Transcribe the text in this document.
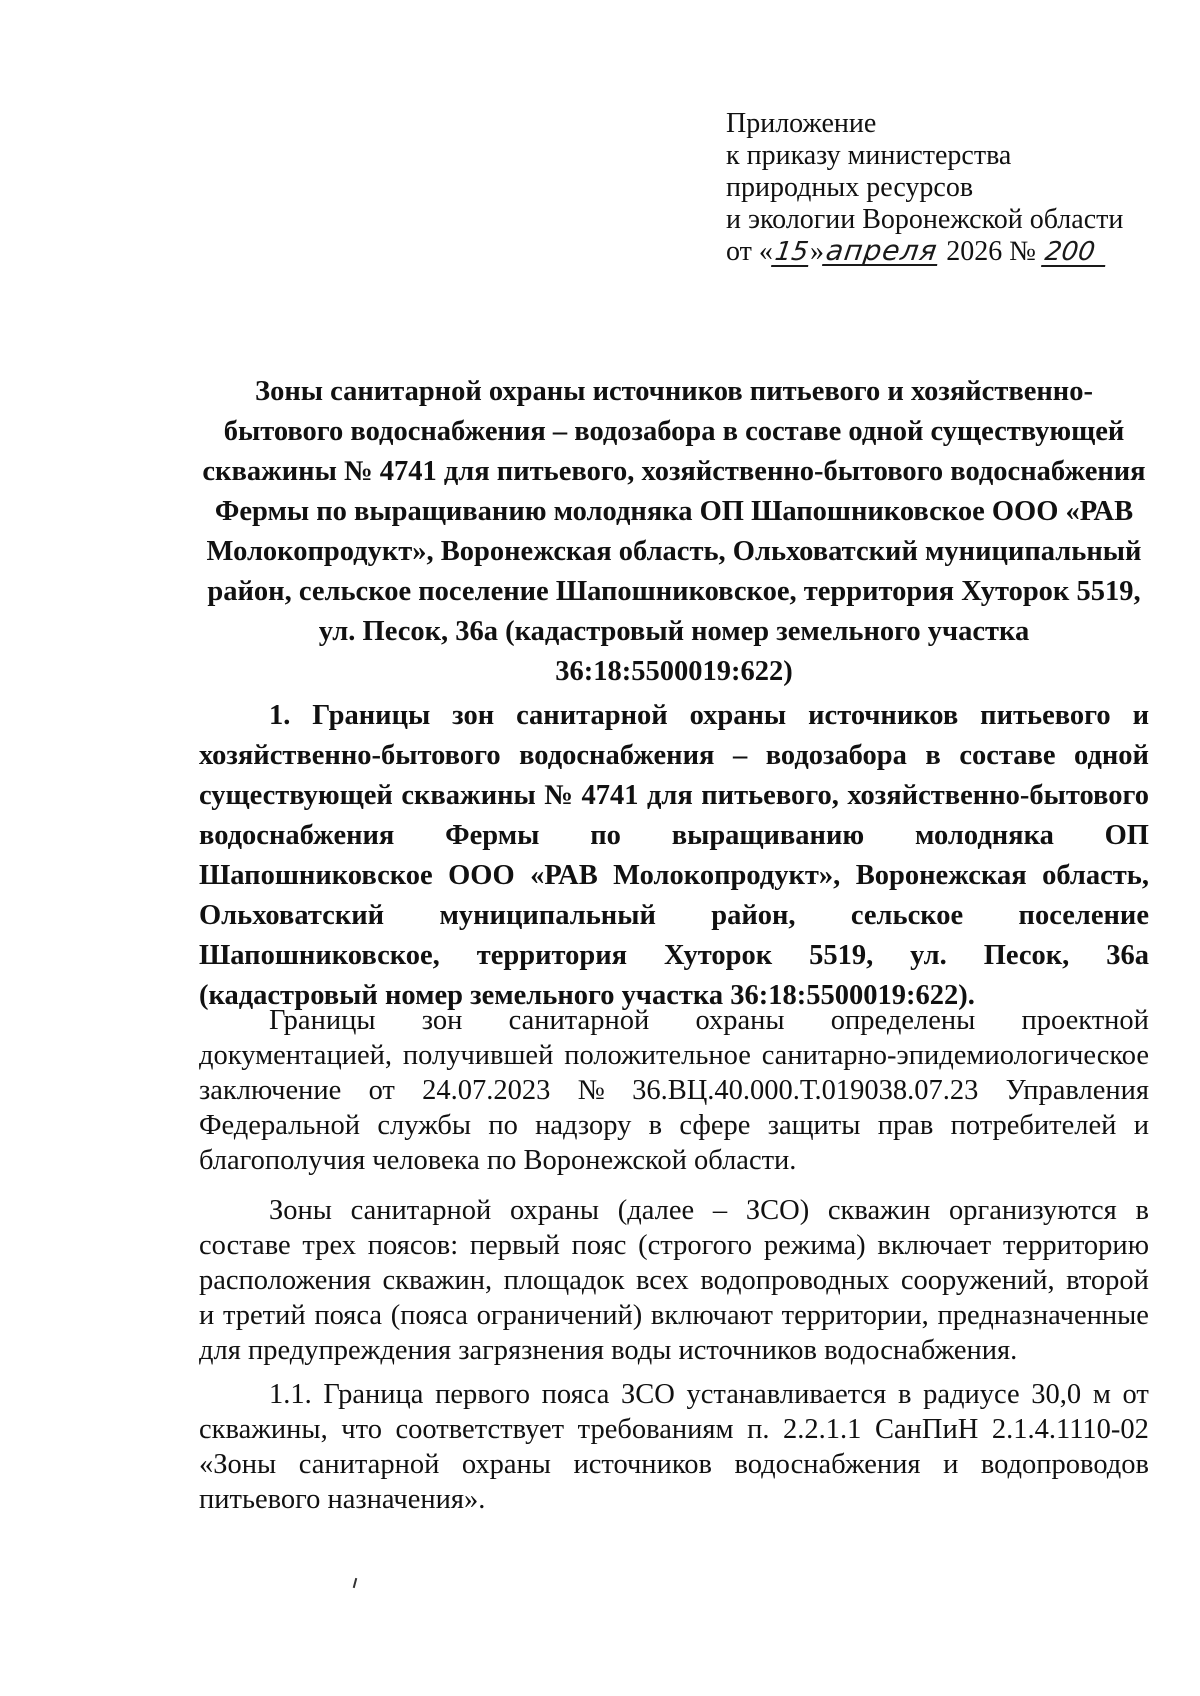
Приложение
к приказу министерства
природных ресурсов
и экологии Воронежской области
от «15»апреля 2026 № 200
Зоны санитарной охраны источников питьевого и хозяйственно-
бытового водоснабжения – водозабора в составе одной существующей
скважины № 4741 для питьевого, хозяйственно-бытового водоснабжения
Фермы по выращиванию молодняка ОП Шапошниковское ООО «РАВ
Молокопродукт», Воронежская область, Ольховатский муниципальный
район, сельское поселение Шапошниковское, территория Хуторок 5519,
ул. Песок, 36а (кадастровый номер земельного участка
36:18:5500019:622)
1. Границы зон санитарной охраны источников питьевого и
хозяйственно-бытового водоснабжения – водозабора в составе одной
существующей скважины № 4741 для питьевого, хозяйственно-бытового
водоснабжения Фермы по выращиванию молодняка ОП
Шапошниковское ООО «РАВ Молокопродукт», Воронежская область,
Ольховатский муниципальный район, сельское поселение
Шапошниковское, территория Хуторок 5519, ул. Песок, 36а
(кадастровый номер земельного участка 36:18:5500019:622).
Границы зон санитарной охраны определены проектной
документацией, получившей положительное санитарно-эпидемиологическое
заключение от 24.07.2023 № 36.ВЦ.40.000.Т.019038.07.23 Управления
Федеральной службы по надзору в сфере защиты прав потребителей и
благополучия человека по Воронежской области.
Зоны санитарной охраны (далее – ЗСО) скважин организуются в
составе трех поясов: первый пояс (строгого режима) включает территорию
расположения скважин, площадок всех водопроводных сооружений, второй
и третий пояса (пояса ограничений) включают территории, предназначенные
для предупреждения загрязнения воды источников водоснабжения.
1.1. Граница первого пояса ЗСО устанавливается в радиусе 30,0 м от
скважины, что соответствует требованиям п. 2.2.1.1 СанПиН 2.1.4.1110-02
«Зоны санитарной охраны источников водоснабжения и водопроводов
питьевого назначения».
